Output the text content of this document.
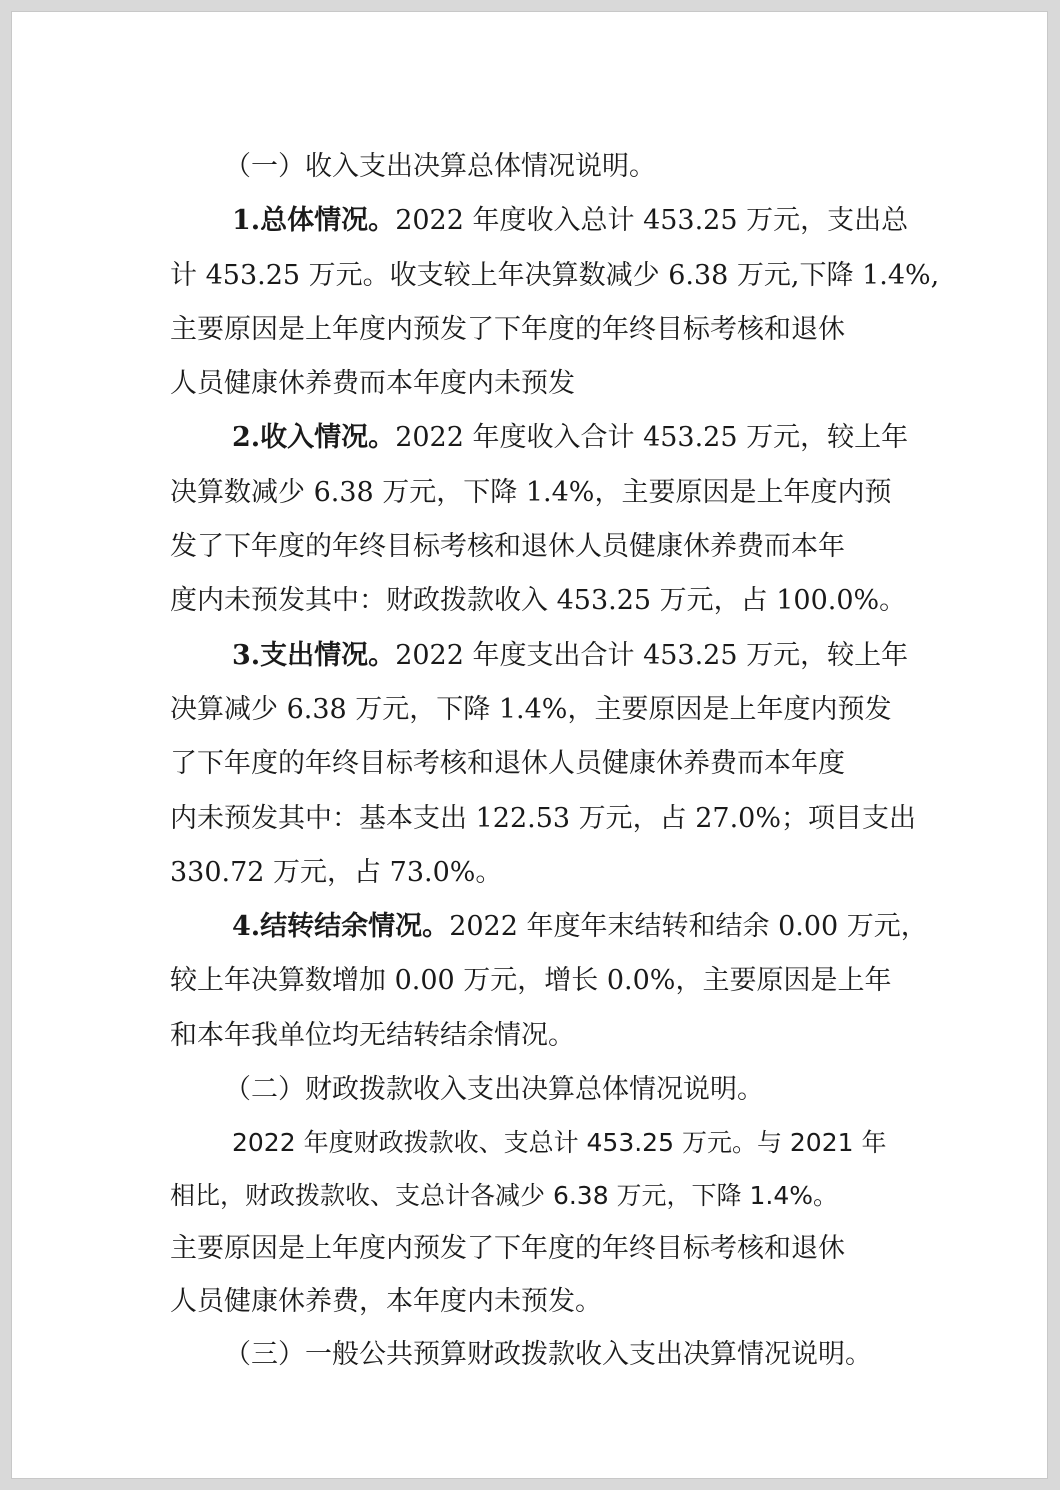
（一）收入支出决算总体情况说明。
1.总体情况。2022 年度收入总计 453.25 万元，支出总
计 453.25 万元。收支较上年决算数减少 6.38 万元,下降 1.4%,
主要原因是上年度内预发了下年度的年终目标考核和退休
人员健康休养费而本年度内未预发
2.收入情况。2022 年度收入合计 453.25 万元，较上年
决算数减少 6.38 万元，下降 1.4%，主要原因是上年度内预
发了下年度的年终目标考核和退休人员健康休养费而本年
度内未预发其中：财政拨款收入 453.25 万元，占 100.0%。
3.支出情况。2022 年度支出合计 453.25 万元，较上年
决算减少 6.38 万元，下降 1.4%，主要原因是上年度内预发
了下年度的年终目标考核和退休人员健康休养费而本年度
内未预发其中：基本支出 122.53 万元，占 27.0%；项目支出
330.72 万元，占 73.0%。
4.结转结余情况。2022 年度年末结转和结余 0.00 万元，
较上年决算数增加 0.00 万元，增长 0.0%，主要原因是上年
和本年我单位均无结转结余情况。
（二）财政拨款收入支出决算总体情况说明。
2022 年度财政拨款收、支总计 453.25 万元。与 2021 年
相比，财政拨款收、支总计各减少 6.38 万元，下降 1.4%。
主要原因是上年度内预发了下年度的年终目标考核和退休
人员健康休养费，本年度内未预发。
（三）一般公共预算财政拨款收入支出决算情况说明。
